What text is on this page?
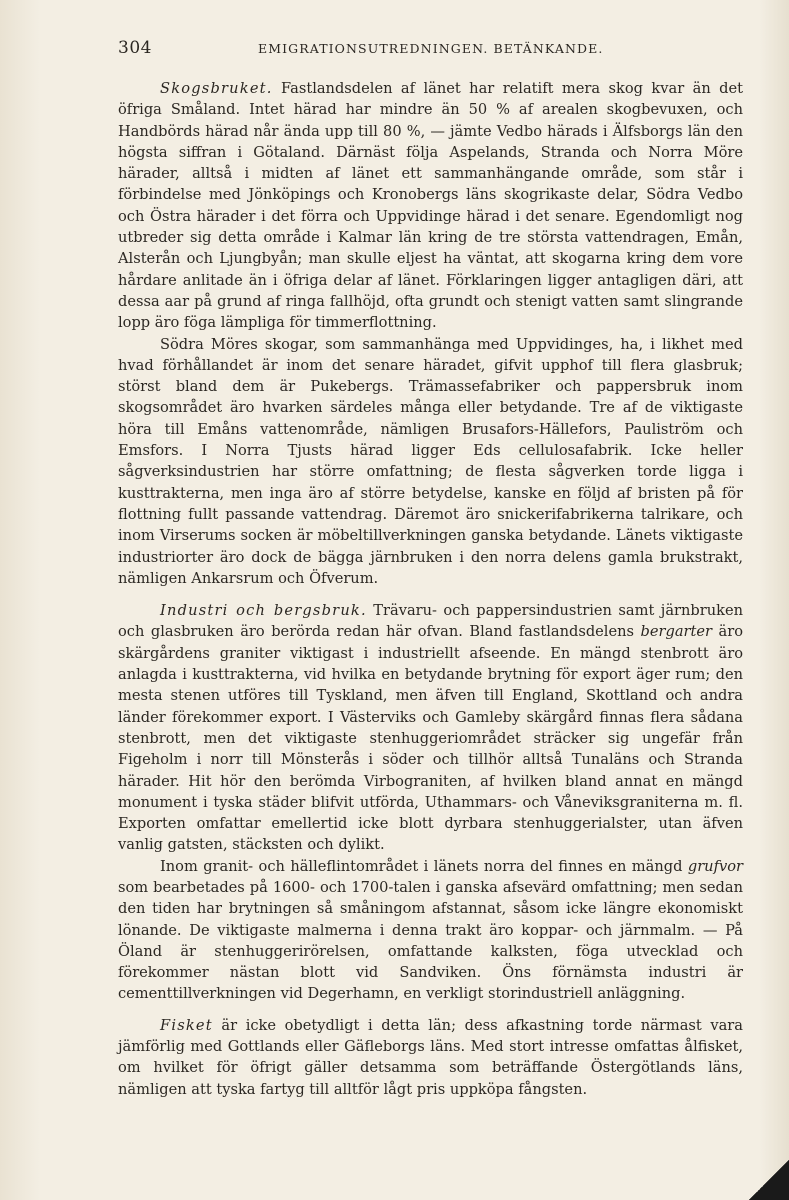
304	EMIGRATIONSUTREDNINGEN. BETÄNKANDE.

Skogsbruket. Fastlandsdelen af länet har relatift mera skog kvar än det öfriga Småland. Intet härad har mindre än 50 % af arealen skogbevuxen, och Handbörds härad når ända upp till 80 %, — jämte Vedbo härads i Älfsborgs län den högsta siffran i Götaland. Därnäst följa Aspelands, Stranda och Norra Möre härader, alltså i midten af länet ett sammanhängande område, som står i förbindelse med Jönköpings och Kronobergs läns skogrikaste delar, Södra Vedbo och Östra härader i det förra och Uppvidinge härad i det senare. Egendomligt nog utbreder sig detta område i Kalmar län kring de tre största vattendragen, Emån, Alsterån och Ljungbyån; man skulle eljest ha väntat, att skogarna kring dem vore hårdare anlitade än i öfriga delar af länet. Förklaringen ligger antagligen däri, att dessa aar på grund af ringa fallhöjd, ofta grundt och stenigt vatten samt slingrande lopp äro föga lämpliga för timmerflottning.

Södra Möres skogar, som sammanhänga med Uppvidinges, ha, i likhet med hvad förhållandet är inom det senare häradet, gifvit upphof till flera glasbruk; störst bland dem är Pukebergs. Trämassefabriker och pappersbruk inom skogsområdet äro hvarken särdeles många eller betydande. Tre af de viktigaste höra till Emåns vattenområde, nämligen Brusafors-Hällefors, Pauliström och Emsfors. I Norra Tjusts härad ligger Eds cellulosafabrik. Icke heller sågverksindustrien har större omfattning; de flesta sågverken torde ligga i kusttrakterna, men inga äro af större betydelse, kanske en följd af bristen på för flottning fullt passande vattendrag. Däremot äro snickerifabrikerna talrikare, och inom Virserums socken är möbeltillverkningen ganska betydande. Länets viktigaste industriorter äro dock de bägga järnbruken i den norra delens gamla brukstrakt, nämligen Ankarsrum och Öfverum.

Industri och bergsbruk. Trävaru- och pappersindustrien samt järnbruken och glasbruken äro berörda redan här ofvan. Bland fastlandsdelens bergarter äro skärgårdens graniter viktigast i industriellt afseende. En mängd stenbrott äro anlagda i kusttrakterna, vid hvilka en betydande brytning för export äger rum; den mesta stenen utföres till Tyskland, men äfven till England, Skottland och andra länder förekommer export. I Västerviks och Gamleby skärgård finnas flera sådana stenbrott, men det viktigaste stenhuggeriområdet sträcker sig ungefär från Figeholm i norr till Mönsterås i söder och tillhör alltså Tunaläns och Stranda härader. Hit hör den berömda Virbograniten, af hvilken bland annat en mängd monument i tyska städer blifvit utförda, Uthammars- och Våneviksgraniterna m. fl. Exporten omfattar emellertid icke blott dyrbara stenhuggerialster, utan äfven vanlig gatsten, stäcksten och dylikt.

Inom granit- och hälleflintområdet i länets norra del finnes en mängd grufvor som bearbetades på 1600- och 1700-talen i ganska afsevärd omfattning; men sedan den tiden har brytningen så småningom afstannat, såsom icke längre ekonomiskt lönande. De viktigaste malmerna i denna trakt äro koppar- och järnmalm. — På Öland är stenhuggerirörelsen, omfattande kalksten, föga utvecklad och förekommer nästan blott vid Sandviken. Öns förnämsta industri är cementtillverkningen vid Degerhamn, en verkligt storindustriell anläggning.

Fisket är icke obetydligt i detta län; dess afkastning torde närmast vara jämförlig med Gottlands eller Gäfleborgs läns. Med stort intresse omfattas ålfisket, om hvilket för öfrigt gäller detsamma som beträffande Östergötlands läns, nämligen att tyska fartyg till alltför lågt pris uppköpa fångsten.
